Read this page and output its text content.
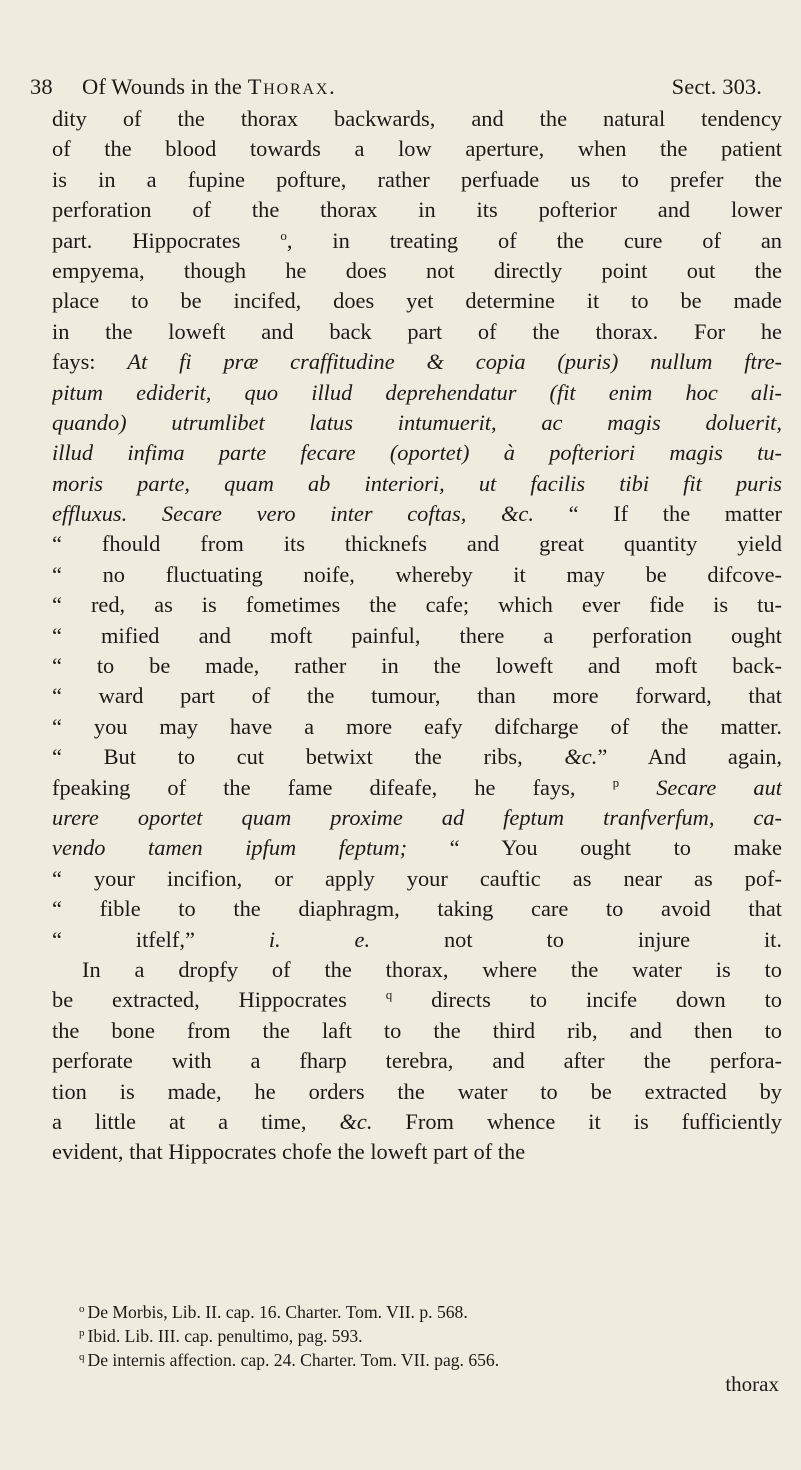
38 Of Wounds in the Thorax.	Sect. 303.
dity of the thorax backwards, and the natural tendency
of the blood towards a low aperture, when the patient
is in a fupine pofture, rather perfuade us to prefer the
perforation of the thorax in its pofterior and lower
part. Hippocrates $^o$, in treating of the cure of an
empyema, though he does not directly point out the
place to be incifed, does yet determine it to be made
in the loweft and back part of the thorax. For he
fays: At fi præ craffitudine & copia (puris) nullum ftre-
pitum ediderit, quo illud deprehendatur (fit enim hoc ali-
quando) utrumlibet latus intumuerit, ac magis doluerit,
illud infima parte fecare (oportet) à pofteriori magis tu-
moris parte, quam ab interiori, ut facilis tibi fit puris
effluxus. Secare vero inter coftas, &c. “ If the matter
“ fhould from its thicknefs and great quantity yield
“ no fluctuating noife, whereby it may be difcove-
“ red, as is fometimes the cafe; which ever fide is tu-
“ mified and moft painful, there a perforation ought
“ to be made, rather in the loweft and moft back-
“ ward part of the tumour, than more forward, that
“ you may have a more eafy difcharge of the matter.
“ But to cut betwixt the ribs, &c.” And again,
fpeaking of the fame difeafe, he fays, $^p$ Secare aut
urere oportet quam proxime ad feptum tranfverfum, ca-
vendo tamen ipfum feptum; “ You ought to make
“ your incifion, or apply your cauftic as near as pof-
“ fible to the diaphragm, taking care to avoid that
“ itfelf,” i. e. not to injure it.
In a dropfy of the thorax, where the water is to
be extracted, Hippocrates $^q$ directs to incife down to
the bone from the laft to the third rib, and then to
perforate with a fharp terebra, and after the perfora-
tion is made, he orders the water to be extracted by
a little at a time, &c. From whence it is fufficiently
evident, that Hippocrates chofe the loweft part of the
$^o$ De Morbis, Lib. II. cap. 16. Charter. Tom. VII. p. 568.
$^p$ Ibid. Lib. III. cap. penultimo, pag. 593.
$^q$ De internis affection. cap. 24. Charter. Tom. VII. pag. 656.
thorax
